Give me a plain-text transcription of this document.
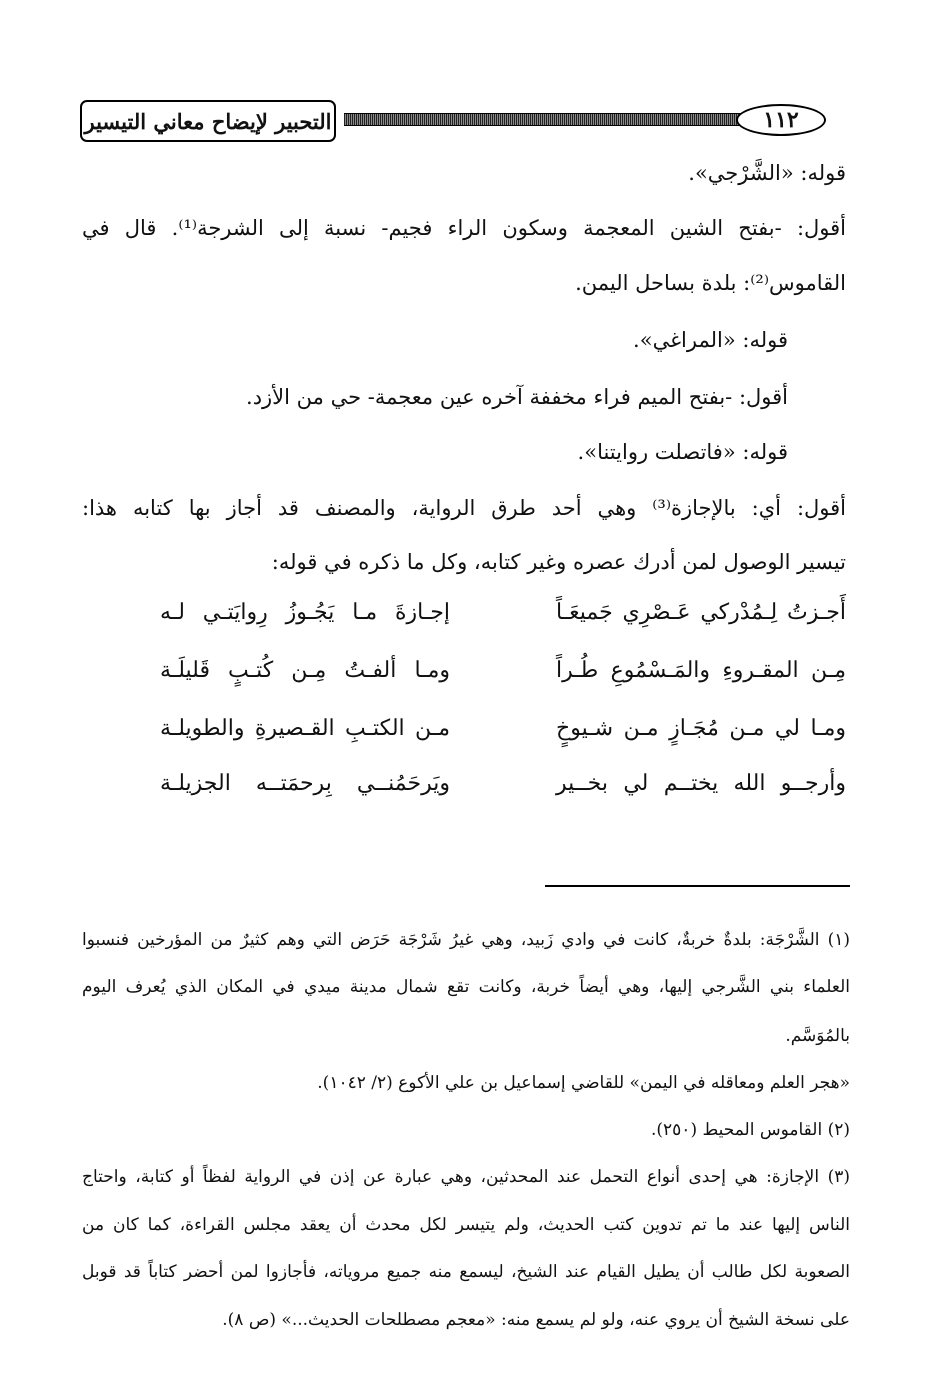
التحبير لإيضاح معاني التيسير	١١٢
قوله: «الشَّرْجي».
أقول: -بفتح الشين المعجمة وسكون الراء فجيم- نسبة إلى الشرجة⁽¹⁾. قال في
القاموس⁽²⁾: بلدة بساحل اليمن.
قوله: «المراغي».
أقول: -بفتح الميم فراء مخففة آخره عين معجمة- حي من الأزد.
قوله: «فاتصلت روايتنا».
أقول: أي: بالإجازة⁽³⁾ وهي أحد طرق الرواية، والمصنف قد أجاز بها كتابه هذا:
تيسير الوصول لمن أدرك عصره وغير كتابه، وكل ما ذكره في قوله:
أَجـزتُ لِـمُدْركي عَـصْرِي جَميعَـاً
إجـازةَ مـا يَجُـوزُ رِوايَتـي لـه
مِـن المقـروءِ والمَـسْمُوعِ طُـراً
ومـا ألفـتُ مِـن كُتـبٍ قَليلَـة
ومـا لي مـن مُجَـازٍ مـن شـيوخٍ
مـن الكتـبِ القـصيرةِ والطويلـة
وأرجــو الله يختــم لي بخــير
ويَرحَمُنــي بِرحمَتــه الجزيلـة
(١) الشَّرْجَة: بلدةٌ خربةٌ، كانت في وادي زَبيد، وهي غيرُ شَرْجَة حَرَض التي وهم كثيرٌ من المؤرخين فنسبوا
العلماء بني الشَّرجي إليها، وهي أيضاً خربة، وكانت تقع شمال مدينة ميدي في المكان الذي يُعرف اليوم
بالمُوَسَّم.
«هجر العلم ومعاقله في اليمن» للقاضي إسماعيل بن علي الأكوع (٢/ ١٠٤٢).
(٢) القاموس المحيط (٢٥٠).
(٣) الإجازة: هي إحدى أنواع التحمل عند المحدثين، وهي عبارة عن إذن في الرواية لفظاً أو كتابة، واحتاج
الناس إليها عند ما تم تدوين كتب الحديث، ولم يتيسر لكل محدث أن يعقد مجلس القراءة، كما كان من
الصعوبة لكل طالب أن يطيل القيام عند الشيخ، ليسمع منه جميع مروياته، فأجازوا لمن أحضر كتاباً قد قوبل
على نسخة الشيخ أن يروي عنه، ولو لم يسمع منه: «معجم مصطلحات الحديث...» (ص ٨).
